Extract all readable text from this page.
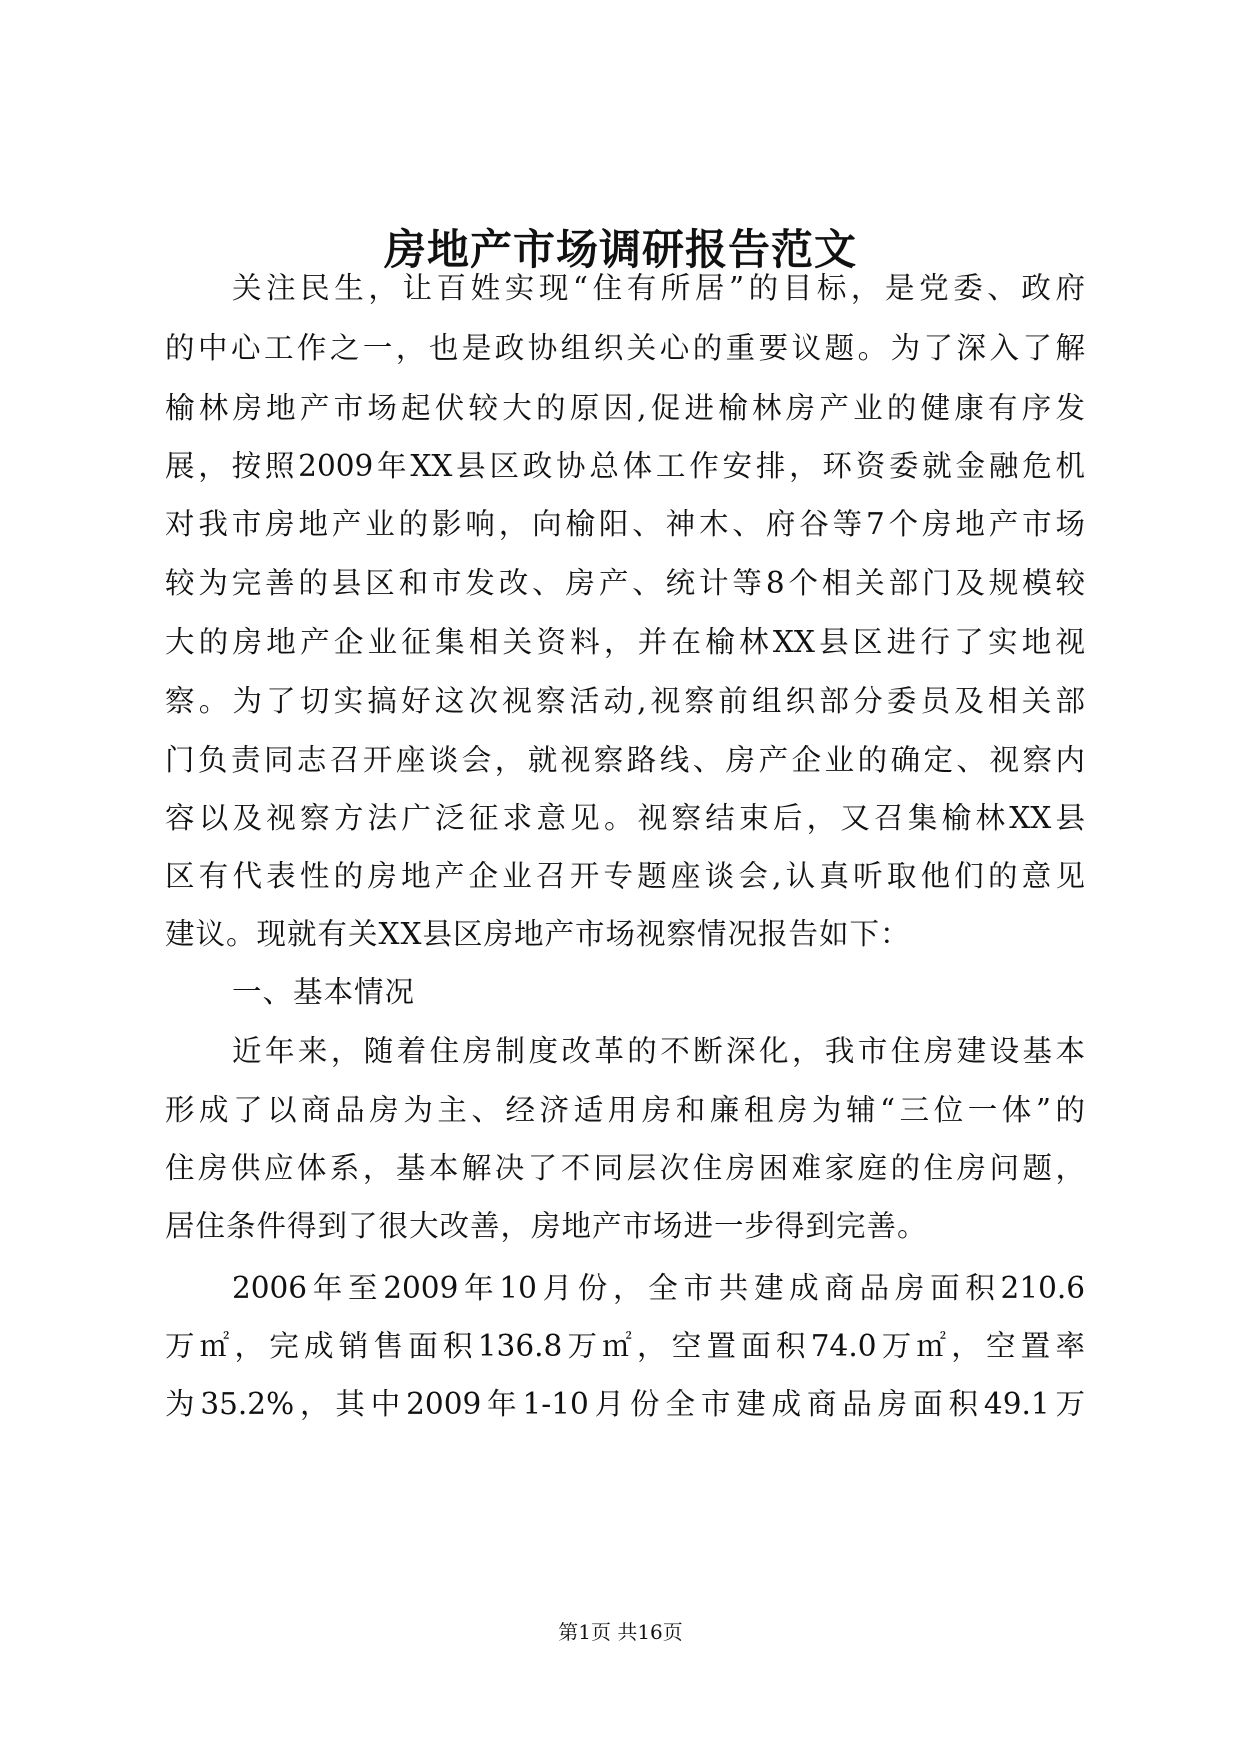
房地产市场调研报告范文
关注民生，让百姓实现“住有所居”的目标，是党委、政府
的中心工作之一，也是政协组织关心的重要议题。为了深入了解
榆林房地产市场起伏较大的原因,促进榆林房产业的健康有序发
展，按照2009年XX县区政协总体工作安排，环资委就金融危机
对我市房地产业的影响，向榆阳、神木、府谷等7个房地产市场
较为完善的县区和市发改、房产、统计等8个相关部门及规模较
大的房地产企业征集相关资料，并在榆林XX县区进行了实地视
察。为了切实搞好这次视察活动,视察前组织部分委员及相关部
门负责同志召开座谈会，就视察路线、房产企业的确定、视察内
容以及视察方法广泛征求意见。视察结束后，又召集榆林XX县
区有代表性的房地产企业召开专题座谈会,认真听取他们的意见
建议。现就有关XX县区房地产市场视察情况报告如下：
一、基本情况
近年来，随着住房制度改革的不断深化，我市住房建设基本
形成了以商品房为主、经济适用房和廉租房为辅“三位一体”的
住房供应体系，基本解决了不同层次住房困难家庭的住房问题，
居住条件得到了很大改善，房地产市场进一步得到完善。
2006年至2009年10月份，全市共建成商品房面积210.6
万㎡，完成销售面积136.8万㎡，空置面积74.0万㎡，空置率
为35.2%，其中2009年1-10月份全市建成商品房面积49.1万
第1页 共16页
